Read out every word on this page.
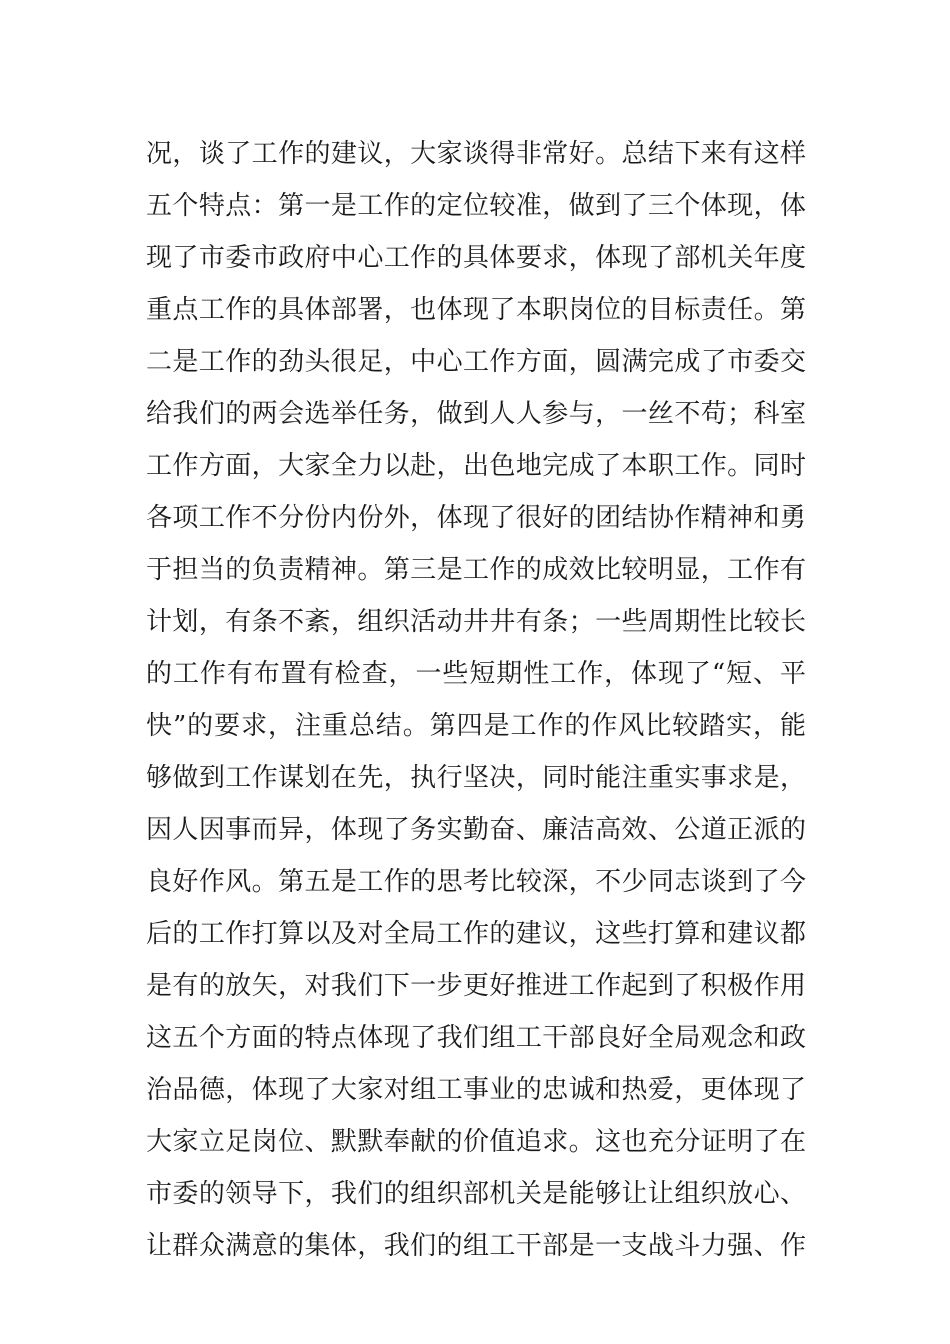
况，谈了工作的建议，大家谈得非常好。总结下来有这样
五个特点：第一是工作的定位较准，做到了三个体现，体
现了市委市政府中心工作的具体要求，体现了部机关年度
重点工作的具体部署，也体现了本职岗位的目标责任。第
二是工作的劲头很足，中心工作方面，圆满完成了市委交
给我们的两会选举任务，做到人人参与，一丝不苟；科室
工作方面，大家全力以赴，出色地完成了本职工作。同时
各项工作不分份内份外，体现了很好的团结协作精神和勇
于担当的负责精神。第三是工作的成效比较明显，工作有
计划，有条不紊，组织活动井井有条；一些周期性比较长
的工作有布置有检查，一些短期性工作，体现了“短、平
快”的要求，注重总结。第四是工作的作风比较踏实，能
够做到工作谋划在先，执行坚决，同时能注重实事求是，
因人因事而异，体现了务实勤奋、廉洁高效、公道正派的
良好作风。第五是工作的思考比较深，不少同志谈到了今
后的工作打算以及对全局工作的建议，这些打算和建议都
是有的放矢，对我们下一步更好推进工作起到了积极作用
这五个方面的特点体现了我们组工干部良好全局观念和政
治品德，体现了大家对组工事业的忠诚和热爱，更体现了
大家立足岗位、默默奉献的价值追求。这也充分证明了在
市委的领导下，我们的组织部机关是能够让让组织放心、
让群众满意的集体，我们的组工干部是一支战斗力强、作
